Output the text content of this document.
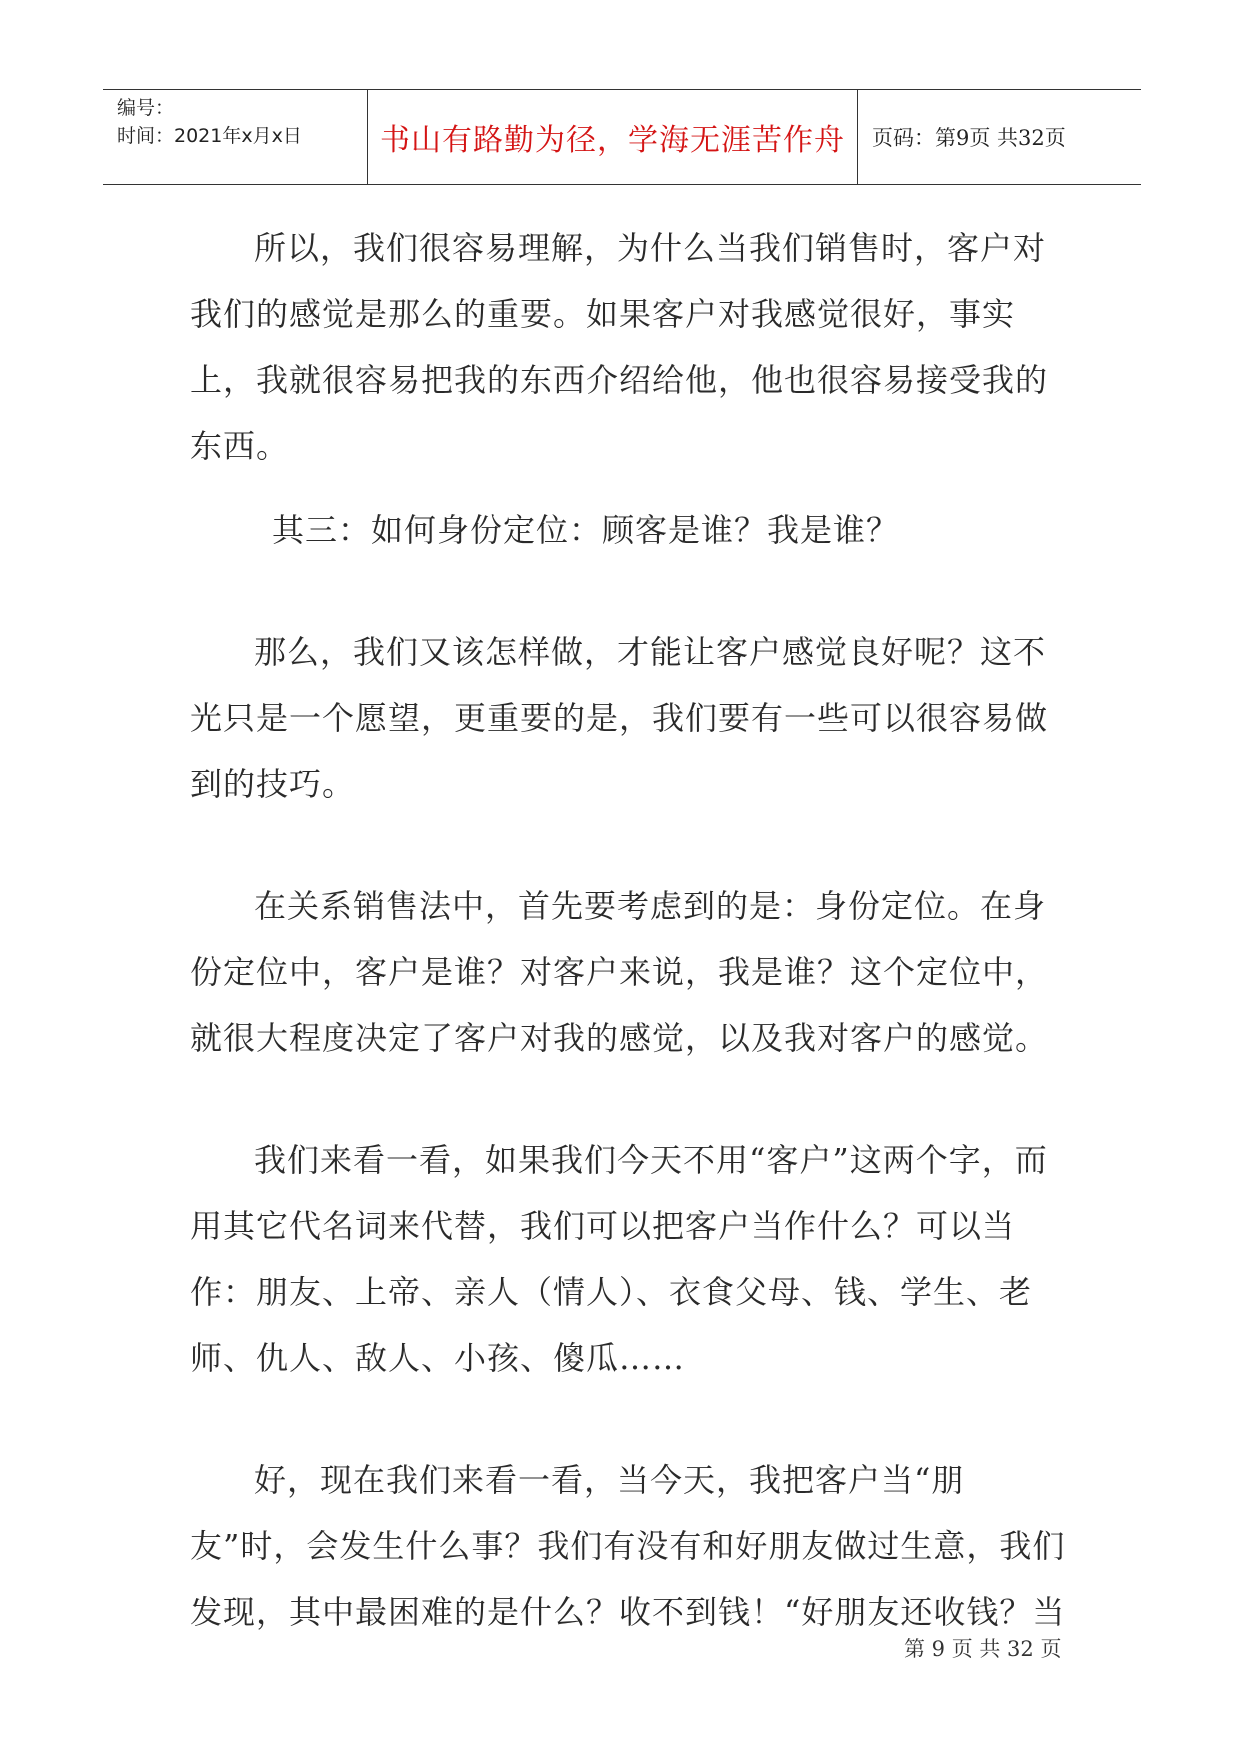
编号：
时间：2021年x月x日	书山有路勤为径，学海无涯苦作舟	页码：第9页 共32页

所以，我们很容易理解，为什么当我们销售时，客户对我们的感觉是那么的重要。如果客户对我感觉很好，事实上，我就很容易把我的东西介绍给他，他也很容易接受我的东西。

其三：如何身份定位：顾客是谁？我是谁？

那么，我们又该怎样做，才能让客户感觉良好呢？这不光只是一个愿望，更重要的是，我们要有一些可以很容易做到的技巧。

在关系销售法中，首先要考虑到的是：身份定位。在身份定位中，客户是谁？对客户来说，我是谁？这个定位中，就很大程度决定了客户对我的感觉，以及我对客户的感觉。

我们来看一看，如果我们今天不用“客户”这两个字，而用其它代名词来代替，我们可以把客户当作什么？可以当作：朋友、上帝、亲人（情人）、衣食父母、钱、学生、老师、仇人、敌人、小孩、傻瓜……

好，现在我们来看一看，当今天，我把客户当“朋友”时，会发生什么事？我们有没有和好朋友做过生意，我们发现，其中最困难的是什么？收不到钱！“好朋友还收钱？当

第 9 页 共 32 页
